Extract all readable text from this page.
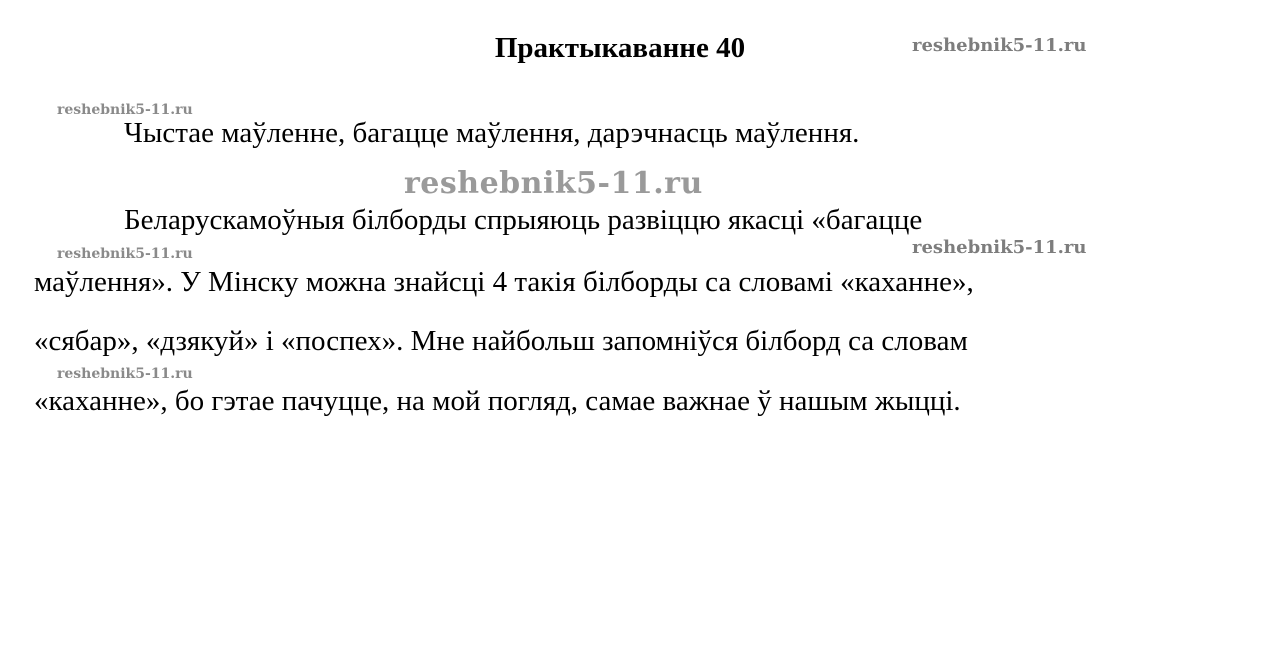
Практыкаванне 40
Чыстае маўленне, багацце маўлення, дарэчнасць маўлення.
Беларускамоўныя білборды спрыяюць развіццю якасці «багацце
маўлення». У Мінску можна знайсці 4 такія білборды са словамі «каханне»,
«сябар», «дзякуй» і «поспех». Мне найбольш запомніўся білборд са словам
«каханне», бо гэтае пачуцце, на мой погляд, самае важнае ў нашым жыцці.
reshebnik5-11.ru
reshebnik5-11.ru
reshebnik5-11.ru
reshebnik5-11.ru	reshebnik5-11.ru
reshebnik5-11.ru
